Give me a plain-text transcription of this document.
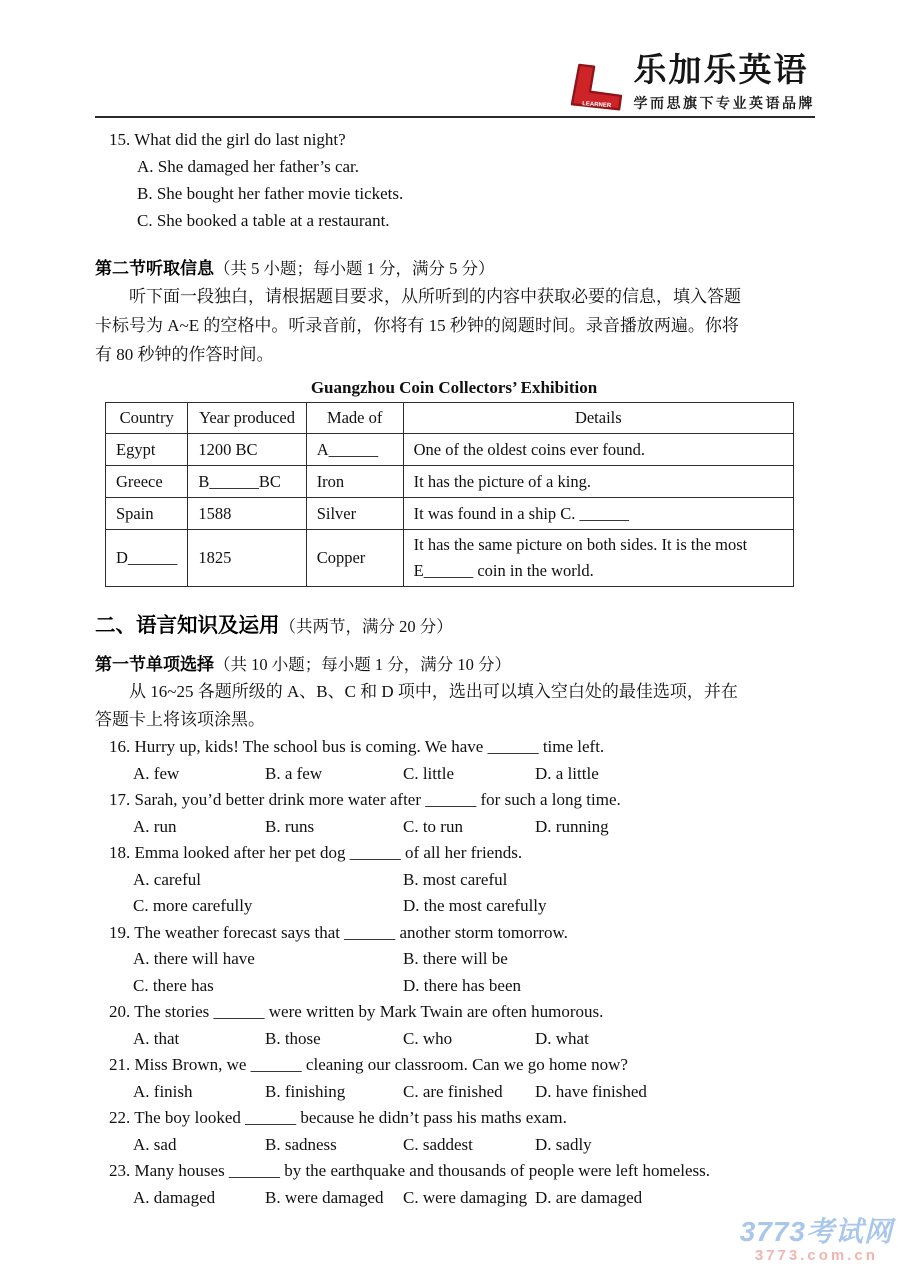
LEARNER
乐加乐英语
学而思旗下专业英语品牌
15. What did the girl do last night?
A. She damaged her father’s car.
B. She bought her father movie tickets.
C. She booked a table at a restaurant.
第二节听取信息（共 5 小题；每小题 1 分，满分 5 分）
听下面一段独白，请根据题目要求，从所听到的内容中获取必要的信息，填入答题
卡标号为 A~E 的空格中。听录音前，你将有 15 秒钟的阅题时间。录音播放两遍。你将
有 80 秒钟的作答时间。
Guangzhou Coin Collectors’ Exhibition
Country	Year produced	Made of	Details
Egypt	1200 BC	A______	One of the oldest coins ever found.
Greece	B______BC	Iron	It has the picture of a king.
Spain	1588	Silver	It was found in a ship C. ______
D______	1825	Copper	It has the same picture on both sides. It is the most E______ coin in the world.
二、语言知识及运用（共两节，满分 20 分）
第一节单项选择（共 10 小题；每小题 1 分，满分 10 分）
从 16~25 各题所级的 A、B、C 和 D 项中，选出可以填入空白处的最佳选项，并在
答题卡上将该项涂黑。
16. Hurry up, kids! The school bus is coming. We have ______ time left.
A. few	B. a few	C. little	D. a little
17. Sarah, you’d better drink more water after ______ for such a long time.
A. run	B. runs	C. to run	D. running
18. Emma looked after her pet dog ______ of all her friends.
A. careful	B. most careful
C. more carefully	D. the most carefully
19. The weather forecast says that ______ another storm tomorrow.
A. there will have	B. there will be
C. there has	D. there has been
20. The stories ______ were written by Mark Twain are often humorous.
A. that	B. those	C. who	D. what
21. Miss Brown, we ______ cleaning our classroom. Can we go home now?
A. finish	B. finishing	C. are finished	D. have finished
22. The boy looked ______ because he didn’t pass his maths exam.
A. sad	B. sadness	C. saddest	D. sadly
23. Many houses ______ by the earthquake and thousands of people were left homeless.
A. damaged	B. were damaged	C. were damaging D. are damaged
3773考试网
3773.com.cn
